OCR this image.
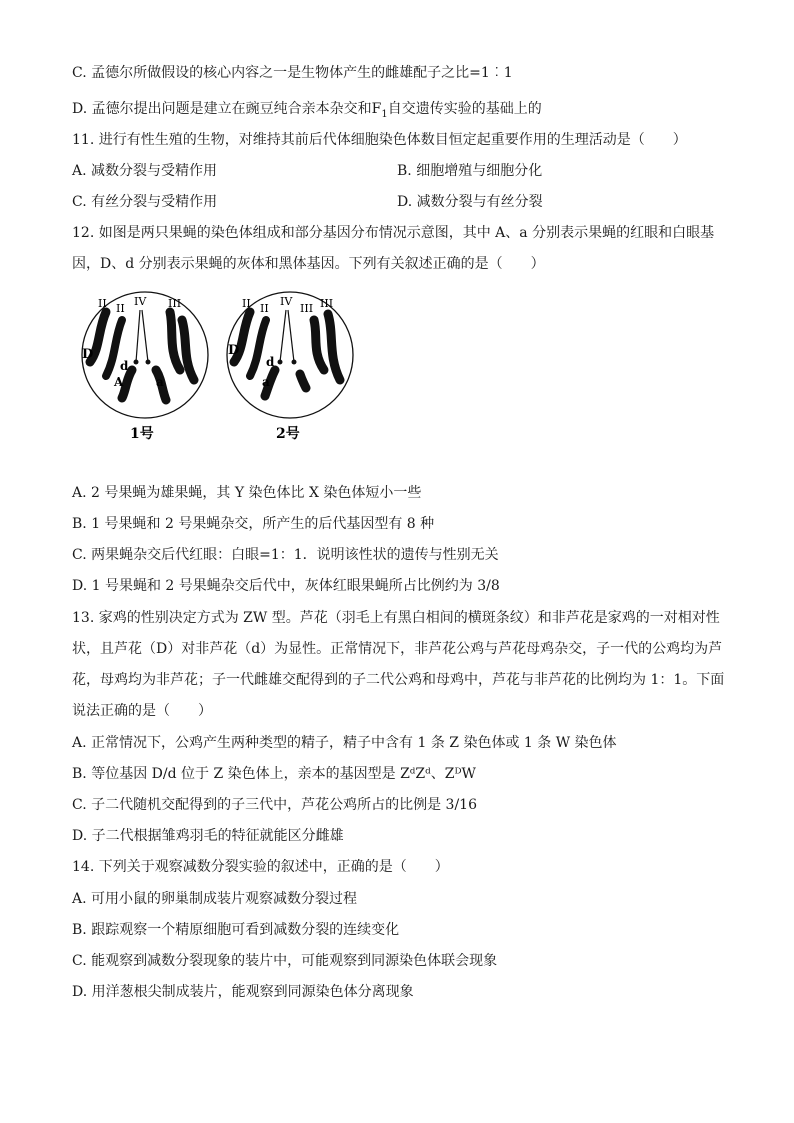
C. 孟德尔所做假设的核心内容之一是生物体产生的雌雄配子之比=1︰1
D. 孟德尔提出问题是建立在豌豆纯合亲本杂交和$F_1$自交遗传实验的基础上的
11. 进行有性生殖的生物，对维持其前后代体细胞染色体数目恒定起重要作用的生理活动是（　　）
A. 减数分裂与受精作用	B. 细胞增殖与细胞分化
C. 有丝分裂与受精作用	D. 减数分裂与有丝分裂
12. 如图是两只果蝇的染色体组成和部分基因分布情况示意图，其中 A、a 分别表示果蝇的红眼和白眼基
因，D、d 分别表示果蝇的灰体和黑体基因。下列有关叙述正确的是（　　）
II II
IV III
D
d
A	a
1号
II II
IV
III III
D
d
a
2号
A. 2 号果蝇为雄果蝇，其 Y 染色体比 X 染色体短小一些
B. 1 号果蝇和 2 号果蝇杂交，所产生的后代基因型有 8 种
C. 两果蝇杂交后代红眼：白眼=1：1．说明该性状的遗传与性别无关
D. 1 号果蝇和 2 号果蝇杂交后代中，灰体红眼果蝇所占比例约为 3/8
13. 家鸡的性别决定方式为 ZW 型。芦花（羽毛上有黑白相间的横斑条纹）和非芦花是家鸡的一对相对性
状，且芦花（D）对非芦花（d）为显性。正常情况下，非芦花公鸡与芦花母鸡杂交，子一代的公鸡均为芦
花，母鸡均为非芦花；子一代雌雄交配得到的子二代公鸡和母鸡中，芦花与非芦花的比例均为 1：1。下面
说法正确的是（　　）
A. 正常情况下，公鸡产生两种类型的精子，精子中含有 1 条 Z 染色体或 1 条 W 染色体
B. 等位基因 D/d 位于 Z 染色体上，亲本的基因型是 ZᵈZᵈ、ZᴰW
C. 子二代随机交配得到的子三代中，芦花公鸡所占的比例是 3/16
D. 子二代根据雏鸡羽毛的特征就能区分雌雄
14. 下列关于观察减数分裂实验的叙述中，正确的是（　　）
A. 可用小鼠的卵巢制成装片观察减数分裂过程
B. 跟踪观察一个精原细胞可看到减数分裂的连续变化
C. 能观察到减数分裂现象的装片中，可能观察到同源染色体联会现象
D. 用洋葱根尖制成装片，能观察到同源染色体分离现象
